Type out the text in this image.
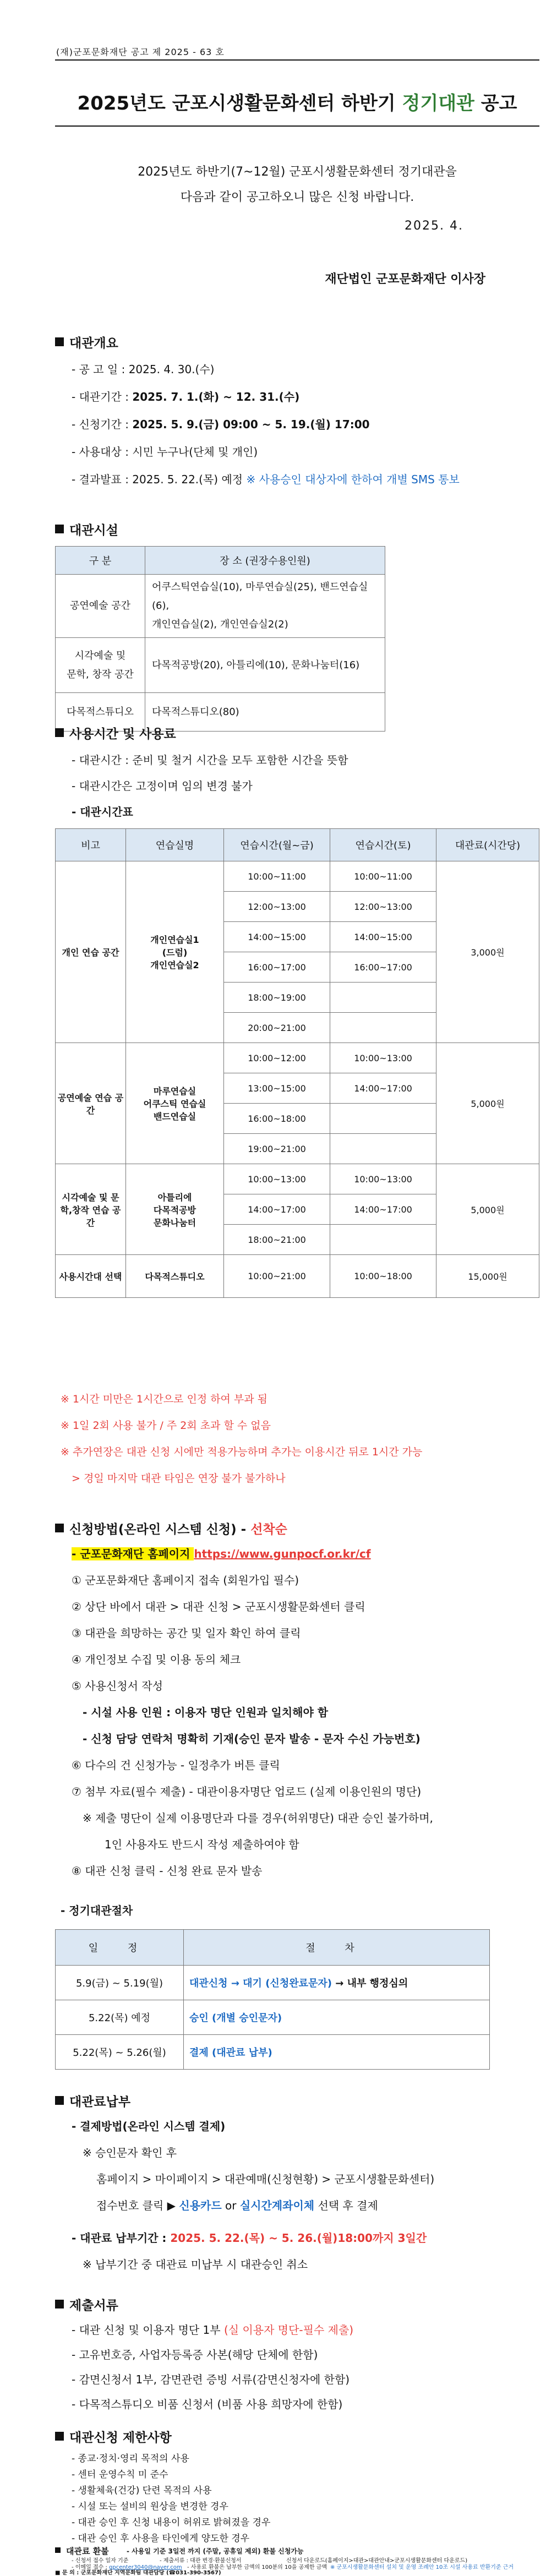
(재)군포문화재단 공고 제 2025 - 63 호
2025년도 군포시생활문화센터 하반기 정기대관 공고
2025년도 하반기(7~12월) 군포시생활문화센터 정기대관을
다음과 같이 공고하오니 많은 신청 바랍니다.
2025. 4.
재단법인 군포문화재단 이사장
대관개요
- 공 고 일 : 2025. 4. 30.(수)
- 대관기간 : 2025. 7. 1.(화) ~ 12. 31.(수)
- 신청기간 : 2025. 5. 9.(금) 09:00 ~ 5. 19.(월) 17:00
- 사용대상 : 시민 누구나(단체 및 개인)
- 결과발표 : 2025. 5. 22.(목) 예정 ※ 사용승인 대상자에 한하여 개별 SMS 통보
대관시설
구 분	장 소 (권장수용인원)
공연예술 공간	어쿠스틱연습실(10), 마루연습실(25), 밴드연습실(6),
개인연습실(2), 개인연습실2(2)

시각예술 및
문학, 창작 공간	다목적공방(20), 아틀리에(10), 문화나눔터(16)
다목적스튜디오	다목적스튜디오(80)
사용시간 및 사용료
- 대관시간 : 준비 및 철거 시간을 모두 포함한 시간을 뜻함
- 대관시간은 고정이며 임의 변경 불가
- 대관시간표
비고	연습실명	연습시간(월~금)	연습시간(토)	대관료(시간당)
개인 연습 공간	개인연습실1
(드럼)
개인연습실2	10:00~11:00	10:00~11:00	3,000원
		12:00~13:00	12:00~13:00	
		14:00~15:00	14:00~15:00	
		16:00~17:00	16:00~17:00	
		18:00~19:00		
		20:00~21:00		
공연예술 연습 공간	마루연습실
어쿠스틱 연습실
밴드연습실	10:00~12:00	10:00~13:00	5,000원
		13:00~15:00	14:00~17:00	
		16:00~18:00		
		19:00~21:00		
시각예술 및 문학,창작 연습 공간	아틀리에
다목적공방
문화나눔터	10:00~13:00	10:00~13:00	5,000원
		14:00~17:00	14:00~17:00	
		18:00~21:00		
사용시간대 선택	다목적스튜디오	10:00~21:00	10:00~18:00	15,000원
※ 1시간 미만은 1시간으로 인정 하여 부과 됨
※ 1일 2회 사용 불가 / 주 2회 초과 할 수 없음
※ 추가연장은 대관 신청 시에만 적용가능하며 추가는 이용시간 뒤로 1시간 가능
> 경일 마지막 대관 타임은 연장 불가 불가하나
신청방법(온라인 시스템 신청) - 선착순
- 군포문화재단 홈페이지 https://www.gunpocf.or.kr/cf
① 군포문화재단 홈페이지 접속 (회원가입 필수)
② 상단 바에서 대관 > 대관 신청 > 군포시생활문화센터 클릭
③ 대관을 희망하는 공간 및 일자 확인 하여 클릭
④ 개인정보 수집 및 이용 동의 체크
⑤ 사용신청서 작성
- 시설 사용 인원 : 이용자 명단 인원과 일치해야 함
- 신청 담당 연락처 명확히 기재(승인 문자 발송 - 문자 수신 가능번호)
⑥ 다수의 건 신청가능 - 일정추가 버튼 클릭
⑦ 첨부 자료(필수 제출) - 대관이용자명단 업로드 (실제 이용인원의 명단)
※ 제출 명단이 실제 이용명단과 다를 경우(허위명단) 대관 승인 불가하며,
1인 사용자도 반드시 작성 제출하여야 함
⑧ 대관 신청 클릭 - 신청 완료 문자 발송
- 정기대관절차
일 정	절 차
5.9(금) ~ 5.19(월)	대관신청 → 대기 (신청완료문자) → 내부 행정심의
5.22(목) 예정	승인 (개별 승인문자)
5.22(목) ~ 5.26(월)	결제 (대관료 납부)
대관료납부
- 결제방법(온라인 시스템 결제)
※ 승인문자 확인 후
홈페이지 > 마이페이지 > 대관예매(신청현황) > 군포시생활문화센터)
접수번호 클릭 ▶ 신용카드 or 실시간계좌이체 선택 후 결제
- 대관료 납부기간 : 2025. 5. 22.(목) ~ 5. 26.(월)18:00까지 3일간
※ 납부기간 중 대관료 미납부 시 대관승인 취소
제출서류
- 대관 신청 및 이용자 명단 1부 (실 이용자 명단-필수 제출)
- 고유번호증, 사업자등록증 사본(해당 단체에 한함)
- 감면신청서 1부, 감면관련 증빙 서류(감면신청자에 한함)
- 다목적스튜디오 비품 신청서 (비품 사용 희망자에 한함)
대관신청 제한사항
- 종교·정치·영리 목적의 사용
- 센터 운영수칙 미 준수
- 생활체육(건강) 단련 목적의 사용
- 시설 또는 설비의 원상을 변경한 경우
- 대관 승인 후 신청 내용이 허위로 밝혀졌을 경우
- 대관 승인 후 사용을 타인에게 양도한 경우
대관료 환불	- 사용일 기준 3일전 까지 (주말, 공휴일 제외) 환불 신청가능
- 신청서 접수 일자 기준	- 제출서류 : 대관 변경·환불신청서	신청서 다운로드(홈페이지>대관>대관안내>군포시생활문화센터 다운로드)
- 이메일 접수 : gpcenter3040@naver.com - 사용료 환불은 납부한 금액의 100분의 10을 공제한 금액 ※ 군포시생활문화센터 설치 및 운영 조례안 10조 시설 사용료 반환기준 근거
■ 문 의 : 군포문화재단 지역문화팀 대관담당 (☎031-390-3567)
